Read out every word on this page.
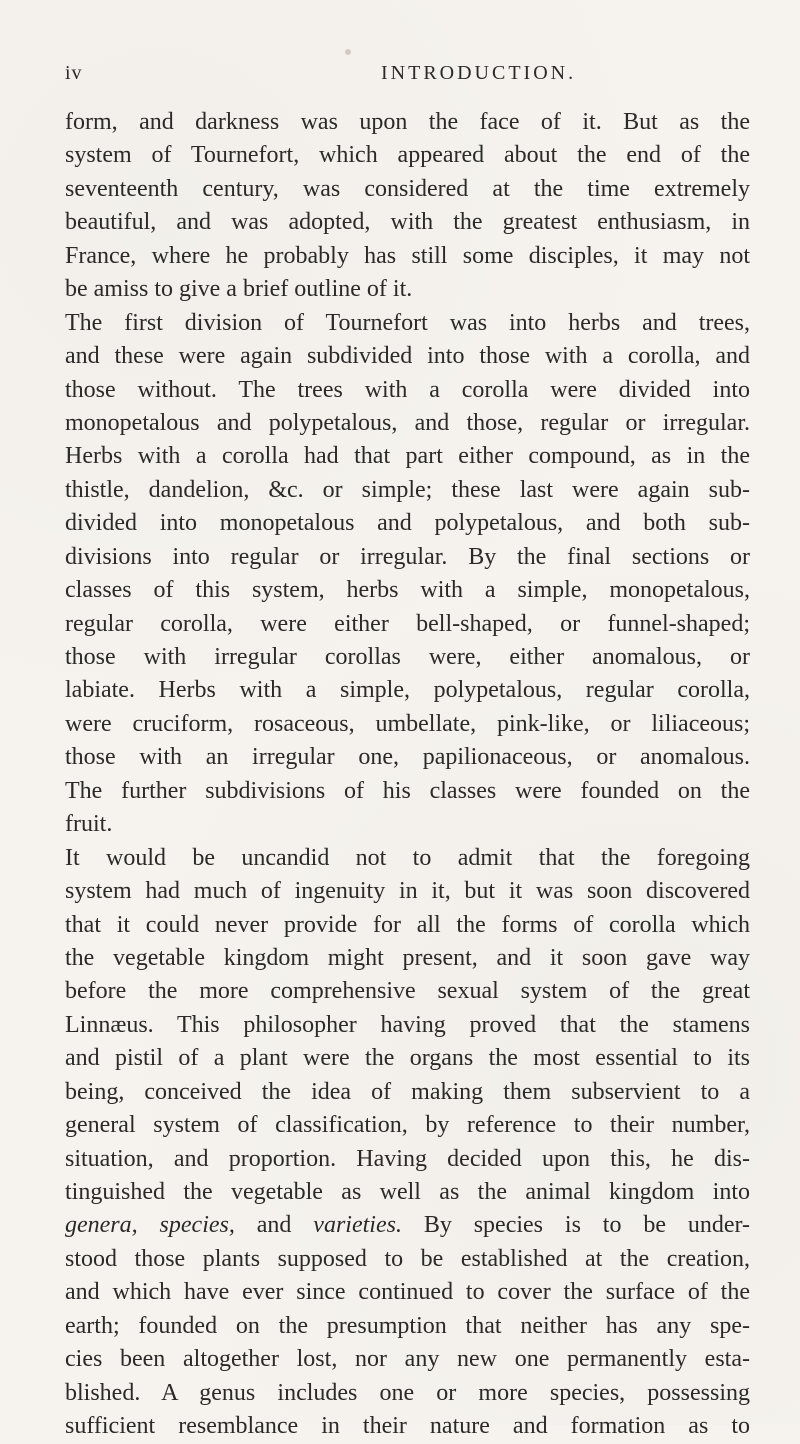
iv	INTRODUCTION.
form, and darkness was upon the face of it. But as the
system of Tournefort, which appeared about the end of the
seventeenth century, was considered at the time extremely
beautiful, and was adopted, with the greatest enthusiasm, in
France, where he probably has still some disciples, it may not
be amiss to give a brief outline of it.
The first division of Tournefort was into herbs and trees,
and these were again subdivided into those with a corolla, and
those without. The trees with a corolla were divided into
monopetalous and polypetalous, and those, regular or irregular.
Herbs with a corolla had that part either compound, as in the
thistle, dandelion, &c. or simple; these last were again sub-
divided into monopetalous and polypetalous, and both sub-
divisions into regular or irregular. By the final sections or
classes of this system, herbs with a simple, monopetalous,
regular corolla, were either bell-shaped, or funnel-shaped;
those with irregular corollas were, either anomalous, or
labiate. Herbs with a simple, polypetalous, regular corolla,
were cruciform, rosaceous, umbellate, pink-like, or liliaceous;
those with an irregular one, papilionaceous, or anomalous.
The further subdivisions of his classes were founded on the
fruit.
It would be uncandid not to admit that the foregoing
system had much of ingenuity in it, but it was soon discovered
that it could never provide for all the forms of corolla which
the vegetable kingdom might present, and it soon gave way
before the more comprehensive sexual system of the great
Linnæus. This philosopher having proved that the stamens
and pistil of a plant were the organs the most essential to its
being, conceived the idea of making them subservient to a
general system of classification, by reference to their number,
situation, and proportion. Having decided upon this, he dis-
tinguished the vegetable as well as the animal kingdom into
genera, species, and varieties. By species is to be under-
stood those plants supposed to be established at the creation,
and which have ever since continued to cover the surface of the
earth; founded on the presumption that neither has any spe-
cies been altogether lost, nor any new one permanently esta-
blished. A genus includes one or more species, possessing
sufficient resemblance in their nature and formation as to
